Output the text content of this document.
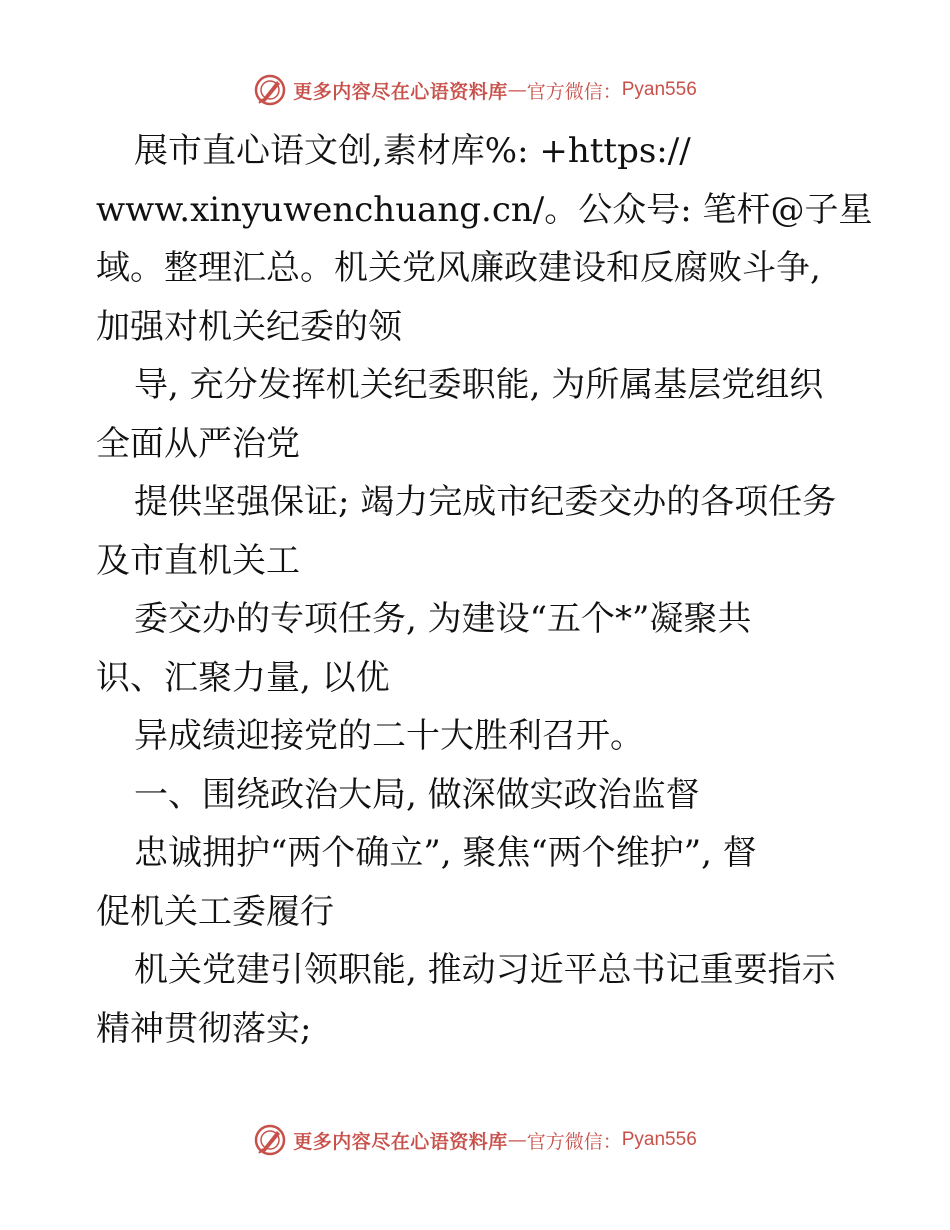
更多内容尽在心语资料库 — 官方微信： Pyan556
展市直心语文创,素材库%: +https://
www.xinyuwenchuang.cn/。公众号: 笔杆@子星
域。整理汇总。机关党风廉政建设和反腐败斗争,
加强对机关纪委的领
导, 充分发挥机关纪委职能, 为所属基层党组织
全面从严治党
提供坚强保证; 竭力完成市纪委交办的各项任务
及市直机关工
委交办的专项任务, 为建设“五个*”凝聚共
识、汇聚力量, 以优
异成绩迎接党的二十大胜利召开。
一、围绕政治大局, 做深做实政治监督
忠诚拥护“两个确立”, 聚焦“两个维护”, 督
促机关工委履行
机关党建引领职能, 推动习近平总书记重要指示
精神贯彻落实;
更多内容尽在心语资料库 — 官方微信： Pyan556
